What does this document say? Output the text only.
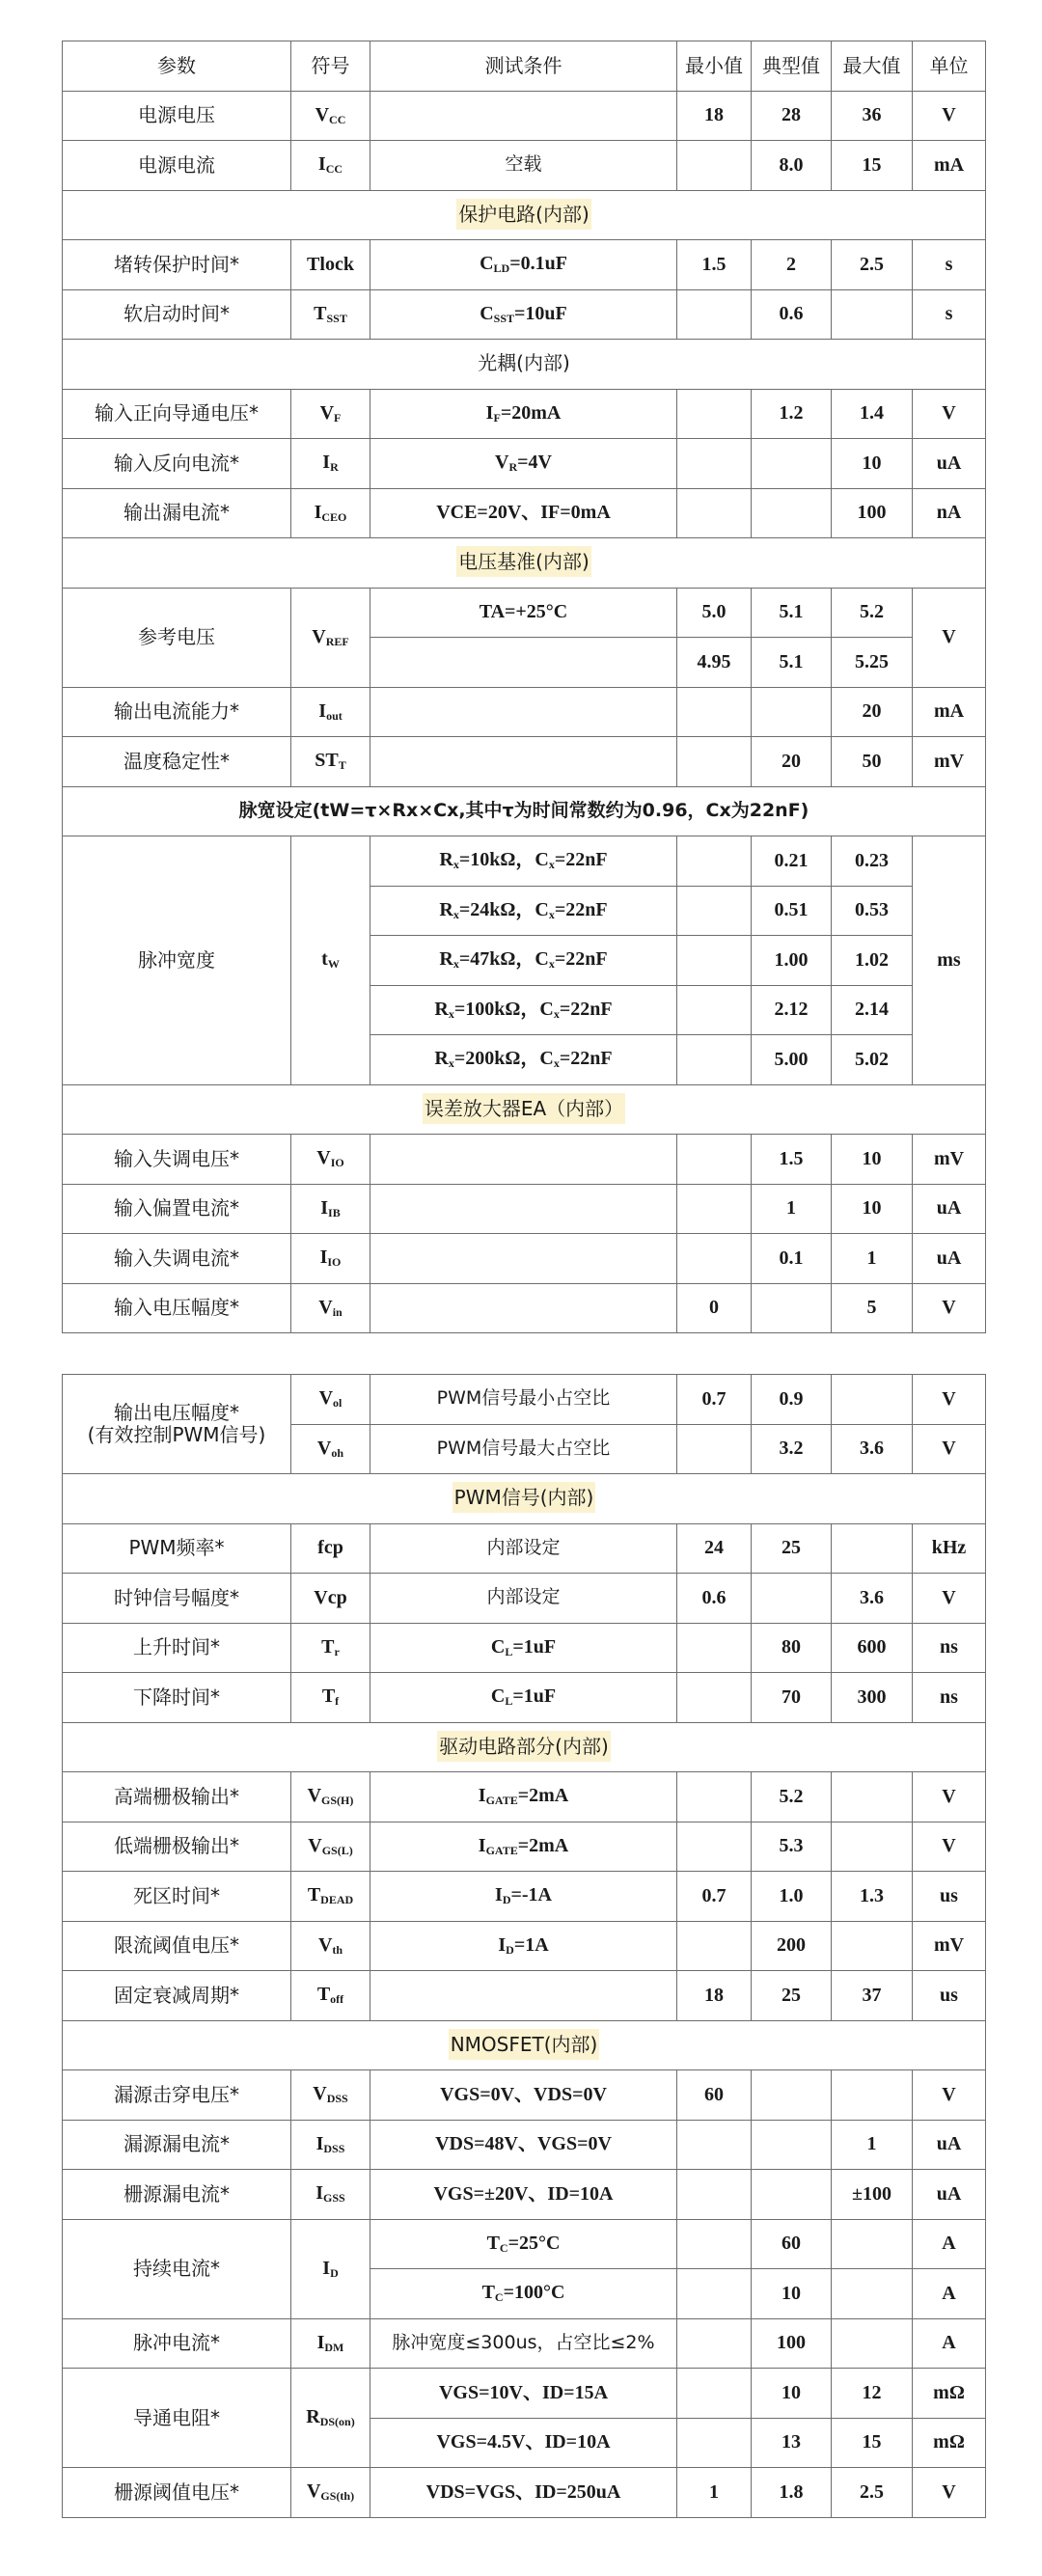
参数	符号	测试条件	最小值	典型值	最大值	单位
电源电压	$V_{CC}$		18	28	36	V
电源电流	$I_{CC}$	空载		8.0	15	mA
保护电路(内部)						
堵转保护时间*	Tlock	$C_{LD}=0.1uF$	1.5	2	2.5	s
软启动时间*	$T_{SST}$	$C_{SST}=10uF$		0.6		s
光耦(内部)						
输入正向导通电压*	$V_F$	$I_F=20mA$		1.2	1.4	V
输入反向电流*	$I_R$	$V_R=4V$			10	uA
输出漏电流*	$I_{CEO}$	VCE=20V、IF=0mA			100	nA
电压基准(内部)						
参考电压	$V_{REF}$	TA=+25°C	5.0	5.1	5.2	V
			4.95	5.1	5.25	
输出电流能力*	$I_{out}$				20	mA
温度稳定性*	$ST_T$			20	50	mV
脉宽设定(tW=τ×Rx×Cx,其中τ为时间常数约为0.96，Cx为22nF)						
脉冲宽度	$t_W$	$R_x=10k\Omega$，$C_x=22nF$		0.21	0.23	ms
		$R_x=24k\Omega$，$C_x=22nF$		0.51	0.53	
		$R_x=47k\Omega$，$C_x=22nF$		1.00	1.02	
		$R_x=100k\Omega$，$C_x=22nF$		2.12	2.14	
		$R_x=200k\Omega$，$C_x=22nF$		5.00	5.02	
误差放大器EA（内部）						
输入失调电压*	$V_{IO}$			1.5	10	mV
输入偏置电流*	$I_{IB}$			1	10	uA
输入失调电流*	$I_{IO}$			0.1	1	uA
输入电压幅度*	$V_{in}$		0		5	V
输出电压幅度*
(有效控制PWM信号)	$V_{ol}$	PWM信号最小占空比	0.7	0.9		V
	$V_{oh}$	PWM信号最大占空比		3.2	3.6	V
PWM信号(内部)						
PWM频率*	fcp	内部设定	24	25		kHz
时钟信号幅度*	Vcp	内部设定	0.6		3.6	V
上升时间*	$T_r$	$C_L=1uF$		80	600	ns
下降时间*	$T_f$	$C_L=1uF$		70	300	ns
驱动电路部分(内部)						
高端栅极输出*	$V_{GS(H)}$	$I_{GATE}=2mA$		5.2		V
低端栅极输出*	$V_{GS(L)}$	$I_{GATE}=2mA$		5.3		V
死区时间*	$T_{DEAD}$	$I_D=-1A$	0.7	1.0	1.3	us
限流阈值电压*	$V_{th}$	$I_D=1A$		200		mV
固定衰减周期*	$T_{off}$		18	25	37	us
NMOSFET(内部)						
漏源击穿电压*	$V_{DSS}$	VGS=0V、VDS=0V	60			V
漏源漏电流*	$I_{DSS}$	VDS=48V、VGS=0V			1	uA
栅源漏电流*	$I_{GSS}$	VGS=±20V、ID=10A			±100	uA
持续电流*	$I_D$	$T_C=25^\circ C$		60		A
		$T_C=100^\circ C$		10		A
脉冲电流*	$I_{DM}$	脉冲宽度≤300us，占空比≤2%		100		A
导通电阻*	$R_{DS(on)}$	VGS=10V、ID=15A		10	12	mΩ
		VGS=4.5V、ID=10A		13	15	mΩ
栅源阈值电压*	$V_{GS(th)}$	VDS=VGS、ID=250uA	1	1.8	2.5	V
